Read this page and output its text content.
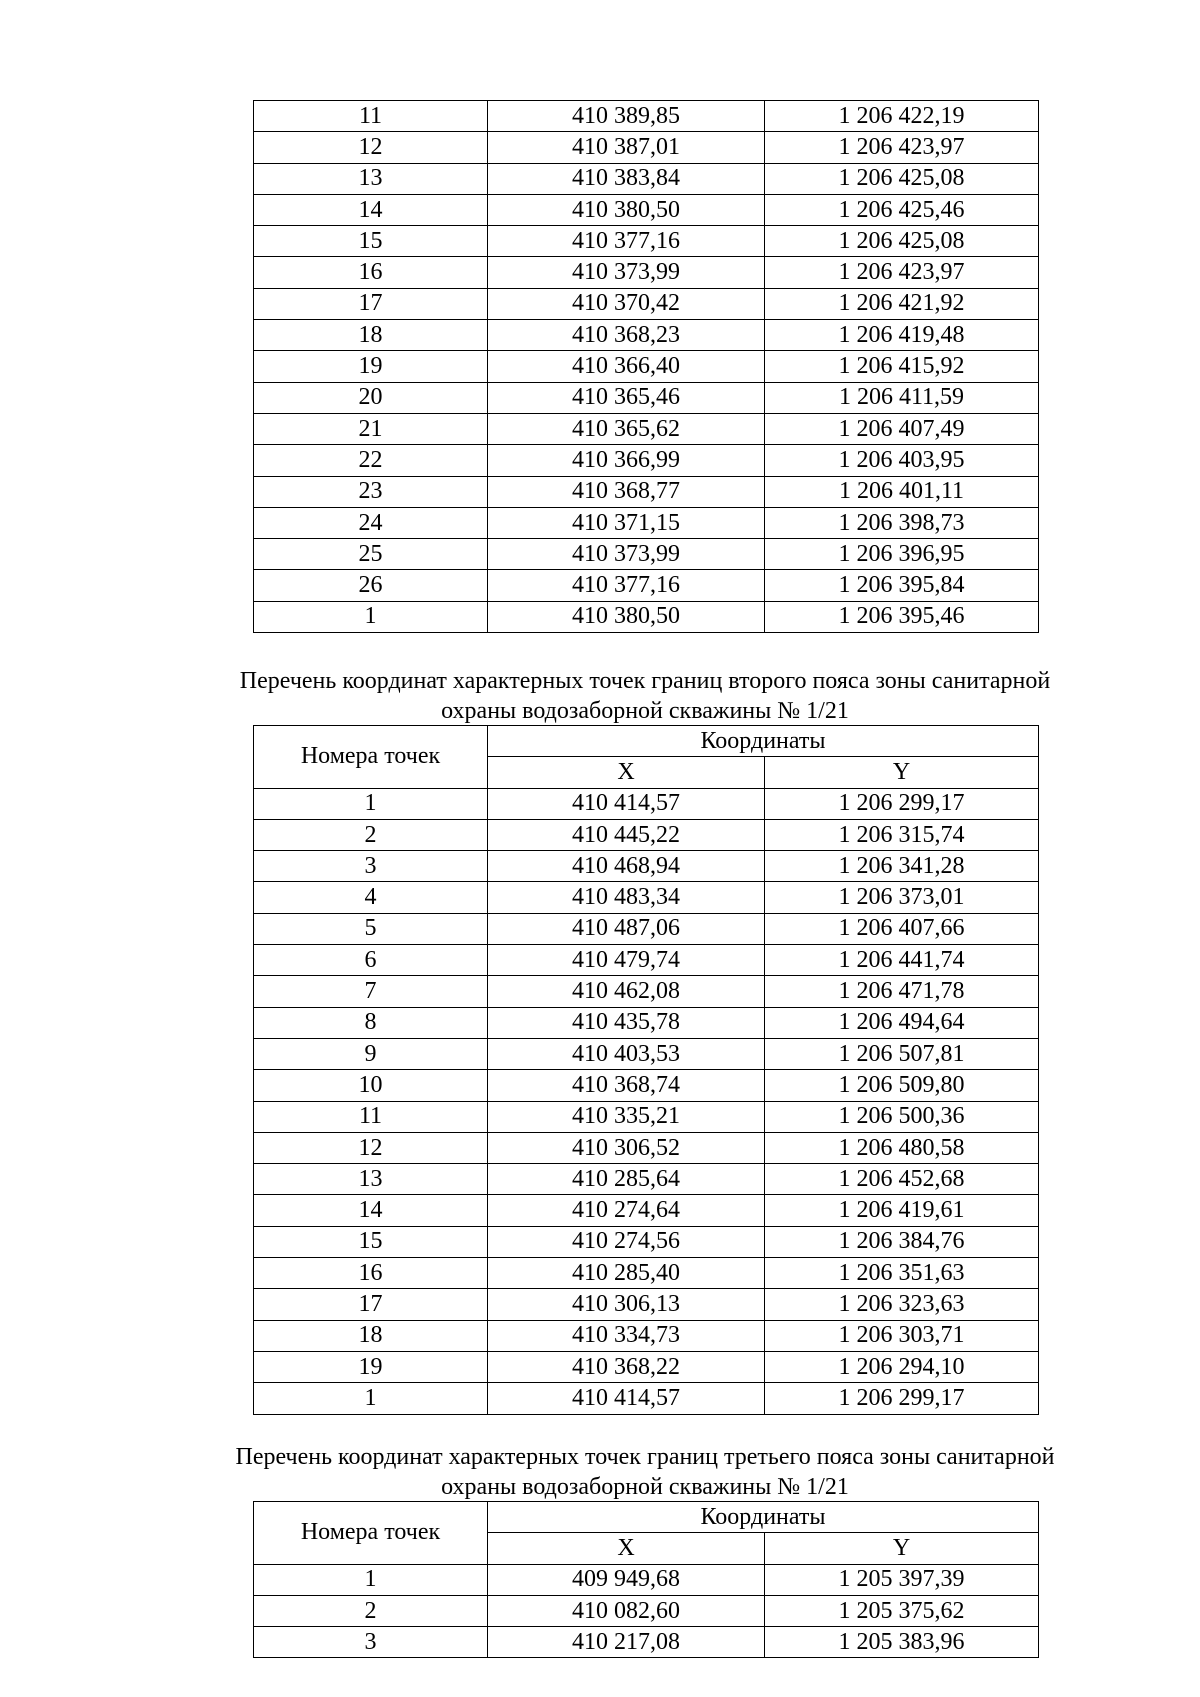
11	410 389,85	1 206 422,19
12	410 387,01	1 206 423,97
13	410 383,84	1 206 425,08
14	410 380,50	1 206 425,46
15	410 377,16	1 206 425,08
16	410 373,99	1 206 423,97
17	410 370,42	1 206 421,92
18	410 368,23	1 206 419,48
19	410 366,40	1 206 415,92
20	410 365,46	1 206 411,59
21	410 365,62	1 206 407,49
22	410 366,99	1 206 403,95
23	410 368,77	1 206 401,11
24	410 371,15	1 206 398,73
25	410 373,99	1 206 396,95
26	410 377,16	1 206 395,84
1	410 380,50	1 206 395,46
Перечень координат характерных точек границ второго пояса зоны санитарной
охраны водозаборной скважины № 1/21
Номера точек	Координаты	
	X	Y
1	410 414,57	1 206 299,17
2	410 445,22	1 206 315,74
3	410 468,94	1 206 341,28
4	410 483,34	1 206 373,01
5	410 487,06	1 206 407,66
6	410 479,74	1 206 441,74
7	410 462,08	1 206 471,78
8	410 435,78	1 206 494,64
9	410 403,53	1 206 507,81
10	410 368,74	1 206 509,80
11	410 335,21	1 206 500,36
12	410 306,52	1 206 480,58
13	410 285,64	1 206 452,68
14	410 274,64	1 206 419,61
15	410 274,56	1 206 384,76
16	410 285,40	1 206 351,63
17	410 306,13	1 206 323,63
18	410 334,73	1 206 303,71
19	410 368,22	1 206 294,10
1	410 414,57	1 206 299,17
Перечень координат характерных точек границ третьего пояса зоны санитарной
охраны водозаборной скважины № 1/21
Номера точек	Координаты	
	X	Y
1	409 949,68	1 205 397,39
2	410 082,60	1 205 375,62
3	410 217,08	1 205 383,96
